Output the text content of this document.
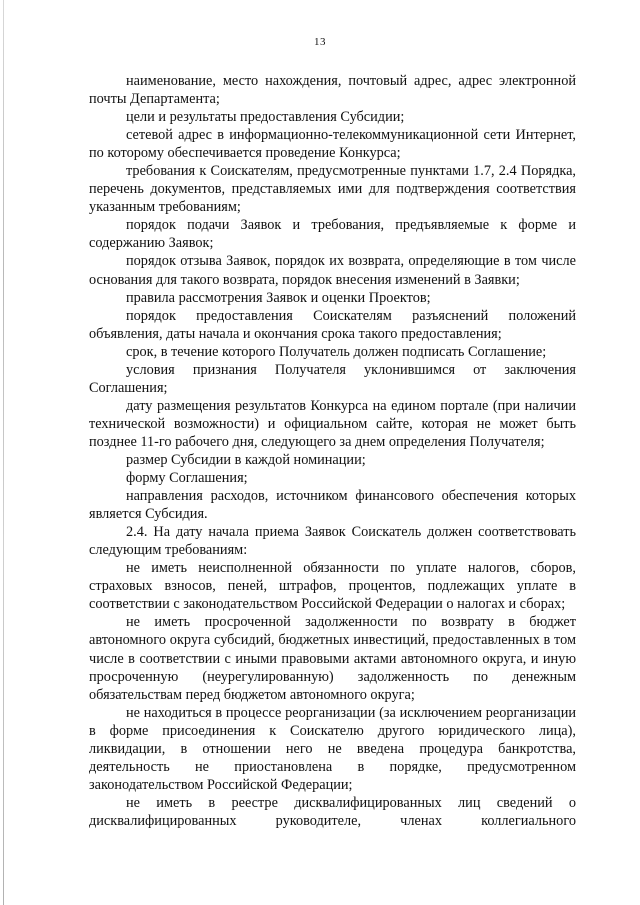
13

наименование, место нахождения, почтовый адрес, адрес электронной почты Департамента;

цели и результаты предоставления Субсидии;

сетевой адрес в информационно-телекоммуникационной сети Интернет, по которому обеспечивается проведение Конкурса;

требования к Соискателям, предусмотренные пунктами 1.7, 2.4 Порядка, перечень документов, представляемых ими для подтверждения соответствия указанным требованиям;

порядок подачи Заявок и требования, предъявляемые к форме и содержанию Заявок;

порядок отзыва Заявок, порядок их возврата, определяющие в том числе основания для такого возврата, порядок внесения изменений в Заявки;

правила рассмотрения Заявок и оценки Проектов;

порядок предоставления Соискателям разъяснений положений объявления, даты начала и окончания срока такого предоставления;

срок, в течение которого Получатель должен подписать Соглашение;

условия признания Получателя уклонившимся от заключения Соглашения;

дату размещения результатов Конкурса на едином портале (при наличии технической возможности) и официальном сайте, которая не может быть позднее 11-го рабочего дня, следующего за днем определения Получателя;

размер Субсидии в каждой номинации;

форму Соглашения;

направления расходов, источником финансового обеспечения которых является Субсидия.

2.4. На дату начала приема Заявок Соискатель должен соответствовать следующим требованиям:

не иметь неисполненной обязанности по уплате налогов, сборов, страховых взносов, пеней, штрафов, процентов, подлежащих уплате в соответствии с законодательством Российской Федерации о налогах и сборах;

не иметь просроченной задолженности по возврату в бюджет автономного округа субсидий, бюджетных инвестиций, предоставленных в том числе в соответствии с иными правовыми актами автономного округа, и иную просроченную (неурегулированную) задолженность по денежным обязательствам перед бюджетом автономного округа;

не находиться в процессе реорганизации (за исключением реорганизации в форме присоединения к Соискателю другого юридического лица), ликвидации, в отношении него не введена процедура банкротства, деятельность не приостановлена в порядке, предусмотренном законодательством Российской Федерации;

не иметь в реестре дисквалифицированных лиц сведений о дисквалифицированных руководителе, членах коллегиального
